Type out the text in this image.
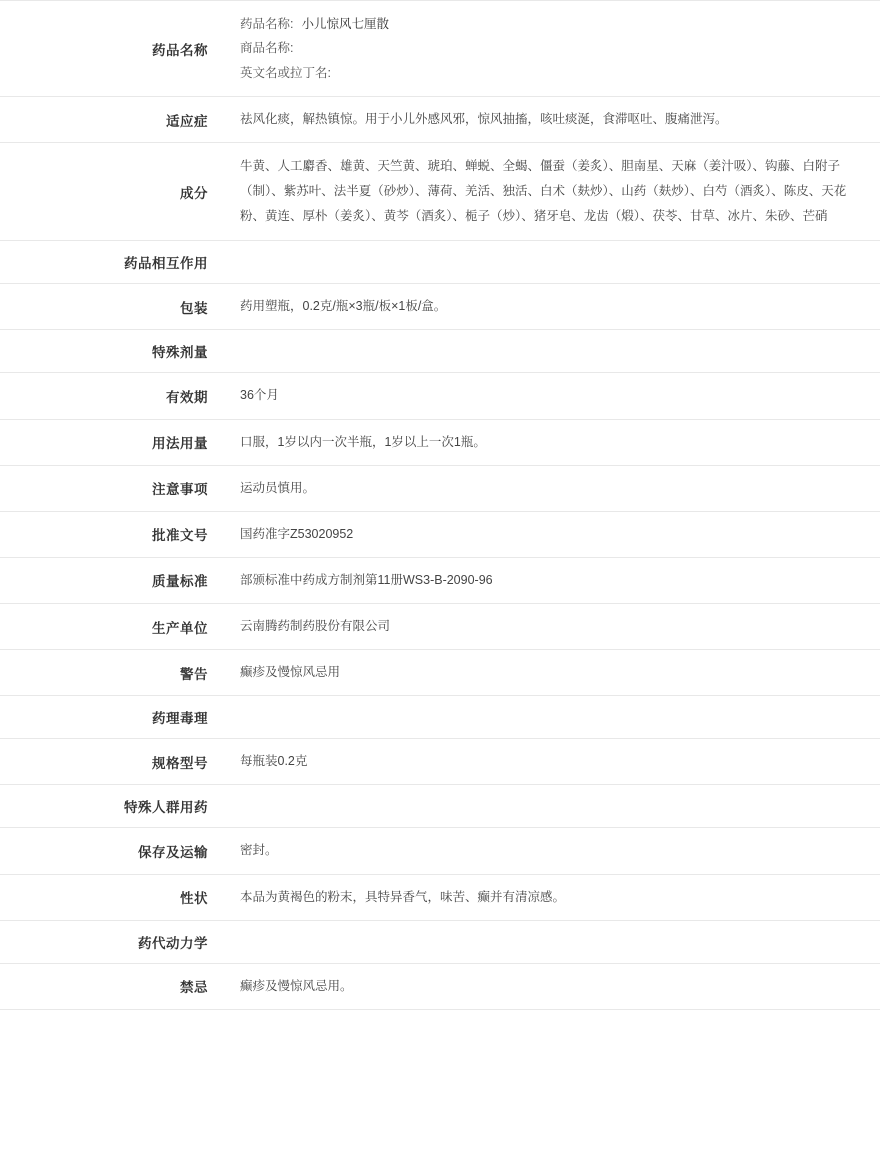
药品名称	药品名称: 小儿惊风七厘散
商品名称:
英文名或拉丁名:

适应症	祛风化痰，解热镇惊。用于小儿外感风邪，惊风抽搐，咳吐痰涎，食滞呕吐、腹痛泄泻。
成分	牛黄、人工麝香、雄黄、天竺黄、琥珀、蝉蜕、全蝎、僵蚕（姜炙）、胆南星、天麻（姜汁吸）、钩藤、白附子（制）、紫苏叶、法半夏（砂炒）、薄荷、羌活、独活、白术（麸炒）、山药（麸炒）、白芍（酒炙）、陈皮、天花粉、黄连、厚朴（姜炙）、黄芩（酒炙）、栀子（炒）、猪牙皂、龙齿（煅）、茯苓、甘草、冰片、朱砂、芒硝
药品相互作用	
包装	药用塑瓶，0.2克/瓶×3瓶/板×1板/盒。
特殊剂量	
有效期	36个月
用法用量	口服，1岁以内一次半瓶，1岁以上一次1瓶。
注意事项	运动员慎用。
批准文号	国药准字Z53020952
质量标准	部颁标准中药成方制剂第11册WS3-B-2090-96
生产单位	云南腾药制药股份有限公司
警告	癫疹及慢惊风忌用
药理毒理	
规格型号	每瓶装0.2克
特殊人群用药	
保存及运输	密封。
性状	本品为黄褐色的粉末，具特异香气，味苦、癫并有清凉感。
药代动力学	
禁忌	癫疹及慢惊风忌用。
